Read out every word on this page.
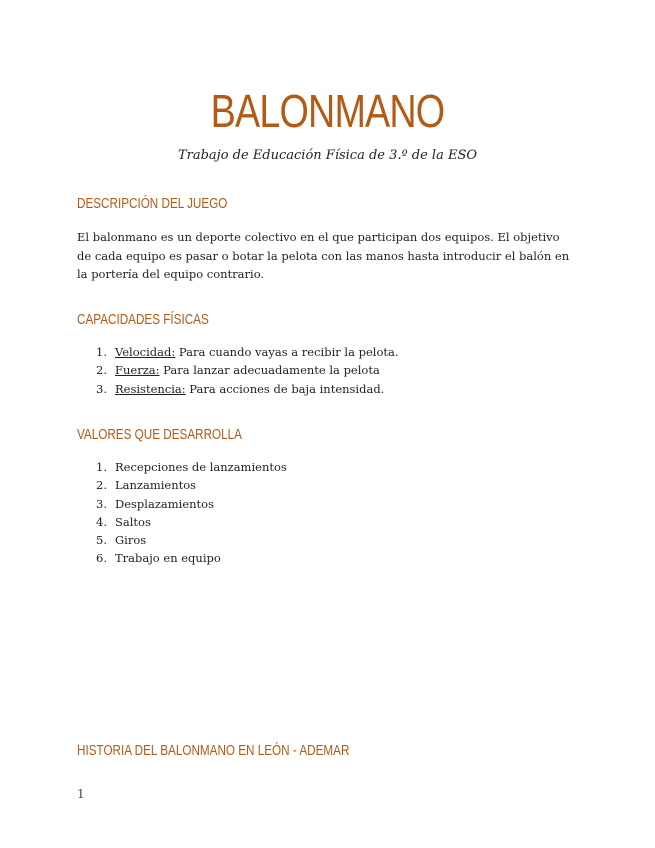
BALONMANO
Trabajo de Educación Física de 3.º de la ESO
DESCRIPCIÓN DEL JUEGO
El balonmano es un deporte colectivo en el que participan dos equipos. El objetivo de cada equipo es pasar o botar la pelota con las manos hasta introducir el balón en la portería del equipo contrario.
CAPACIDADES FÍSICAS
1. Velocidad: Para cuando vayas a recibir la pelota.
2. Fuerza: Para lanzar adecuadamente la pelota
3. Resistencia: Para acciones de baja intensidad.
VALORES QUE DESARROLLA
1. Recepciones de lanzamientos
2. Lanzamientos
3. Desplazamientos
4. Saltos
5. Giros
6. Trabajo en equipo
HISTORIA DEL BALONMANO EN LEÓN - ADEMAR
1
